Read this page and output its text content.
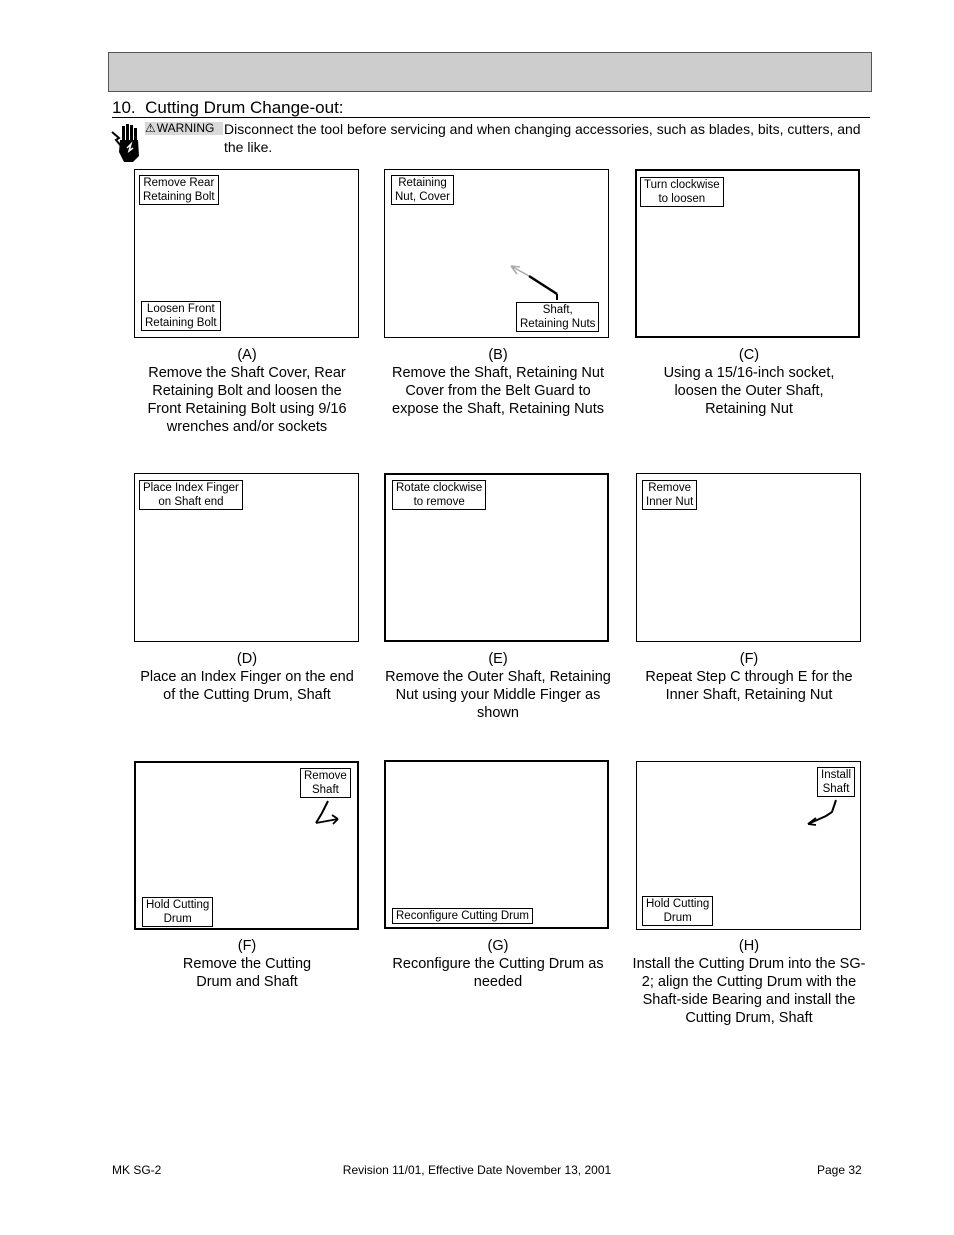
10. Cutting Drum Change-out:
⚠ WARNING Disconnect the tool before servicing and when changing accessories, such as blades, bits, cutters, and the like.
Remove Rear
Retaining Bolt
Loosen Front
Retaining Bolt
Retaining
Nut, Cover
Shaft,
Retaining Nuts
Turn clockwise
to loosen
(A)
Remove the Shaft Cover, Rear Retaining Bolt and loosen the Front Retaining Bolt using 9/16 wrenches and/or sockets
(B)
Remove the Shaft, Retaining Nut Cover from the Belt Guard to expose the Shaft, Retaining Nuts
(C)
Using a 15/16-inch socket, loosen the Outer Shaft, Retaining Nut
Place Index Finger
on Shaft end
Rotate clockwise
to remove
Remove
Inner Nut
(D)
Place an Index Finger on the end of the Cutting Drum, Shaft
(E)
Remove the Outer Shaft, Retaining Nut using your Middle Finger as shown
(F)
Repeat Step C through E for the Inner Shaft, Retaining Nut
Remove
Shaft
Hold Cutting
Drum	Reconfigure Cutting Drum
Install
Shaft
Hold Cutting
Drum
(F)
Remove the Cutting Drum and Shaft
(G)
Reconfigure the Cutting Drum as needed
(H)
Install the Cutting Drum into the SG-2; align the Cutting Drum with the Shaft-side Bearing and install the Cutting Drum, Shaft
MK SG-2	Revision 11/01, Effective Date November 13, 2001	Page 32
